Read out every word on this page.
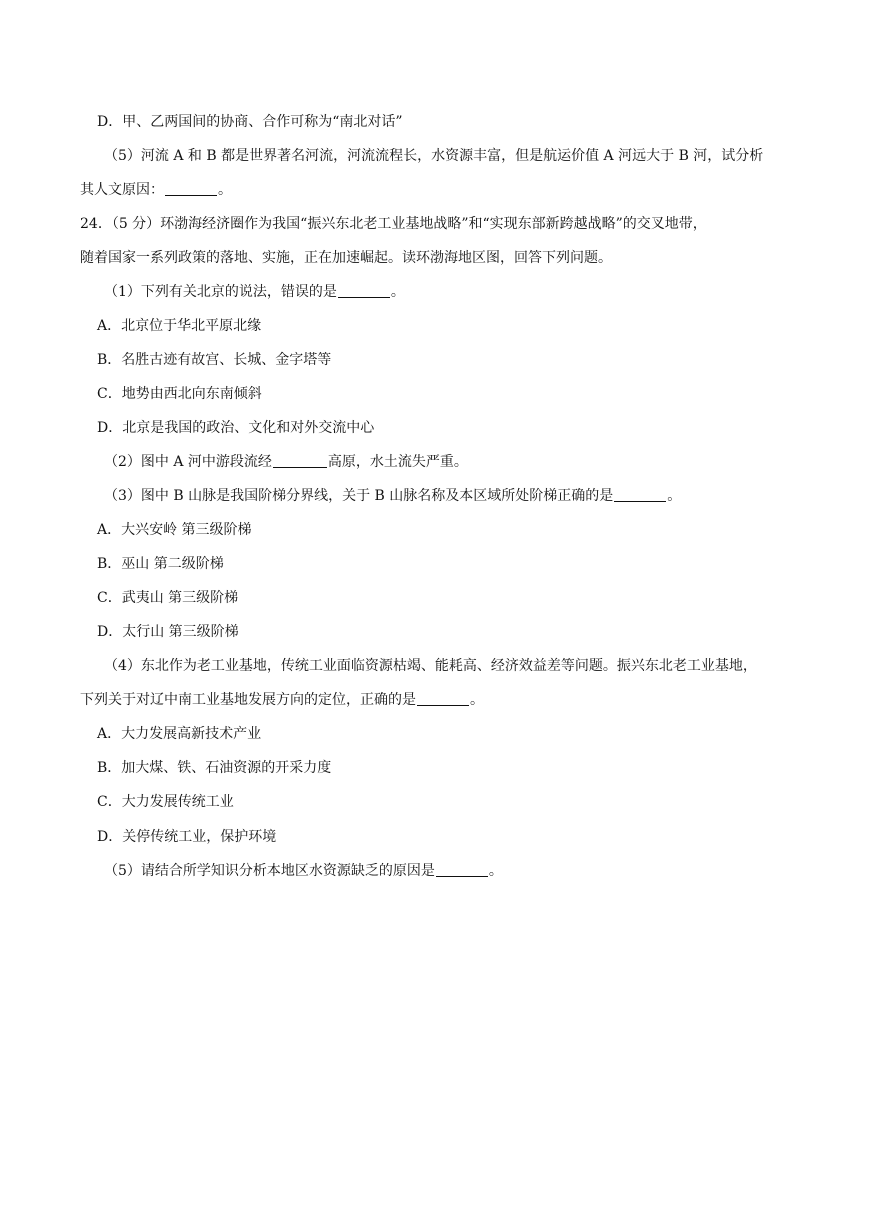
D．甲、乙两国间的协商、合作可称为“南北对话”
（5）河流 A 和 B 都是世界著名河流，河流流程长，水资源丰富，但是航运价值 A 河远大于 B 河，试分析
其人文原因：	。
24．（5 分）环渤海经济圈作为我国“振兴东北老工业基地战略”和“实现东部新跨越战略”的交叉地带，
随着国家一系列政策的落地、实施，正在加速崛起。读环渤海地区图，回答下列问题。
（1）下列有关北京的说法，错误的是	。
A．北京位于华北平原北缘
B．名胜古迹有故宫、长城、金字塔等
C．地势由西北向东南倾斜
D．北京是我国的政治、文化和对外交流中心
（2）图中 A 河中游段流经	高原，水土流失严重。
（3）图中 B 山脉是我国阶梯分界线，关于 B 山脉名称及本区域所处阶梯正确的是	。
A．大兴安岭 第三级阶梯
B．巫山 第二级阶梯
C．武夷山 第三级阶梯
D．太行山 第三级阶梯
（4）东北作为老工业基地，传统工业面临资源枯竭、能耗高、经济效益差等问题。振兴东北老工业基地，
下列关于对辽中南工业基地发展方向的定位，正确的是	。
A．大力发展高新技术产业
B．加大煤、铁、石油资源的开采力度
C．大力发展传统工业
D．关停传统工业，保护环境
（5）请结合所学知识分析本地区水资源缺乏的原因是	。
